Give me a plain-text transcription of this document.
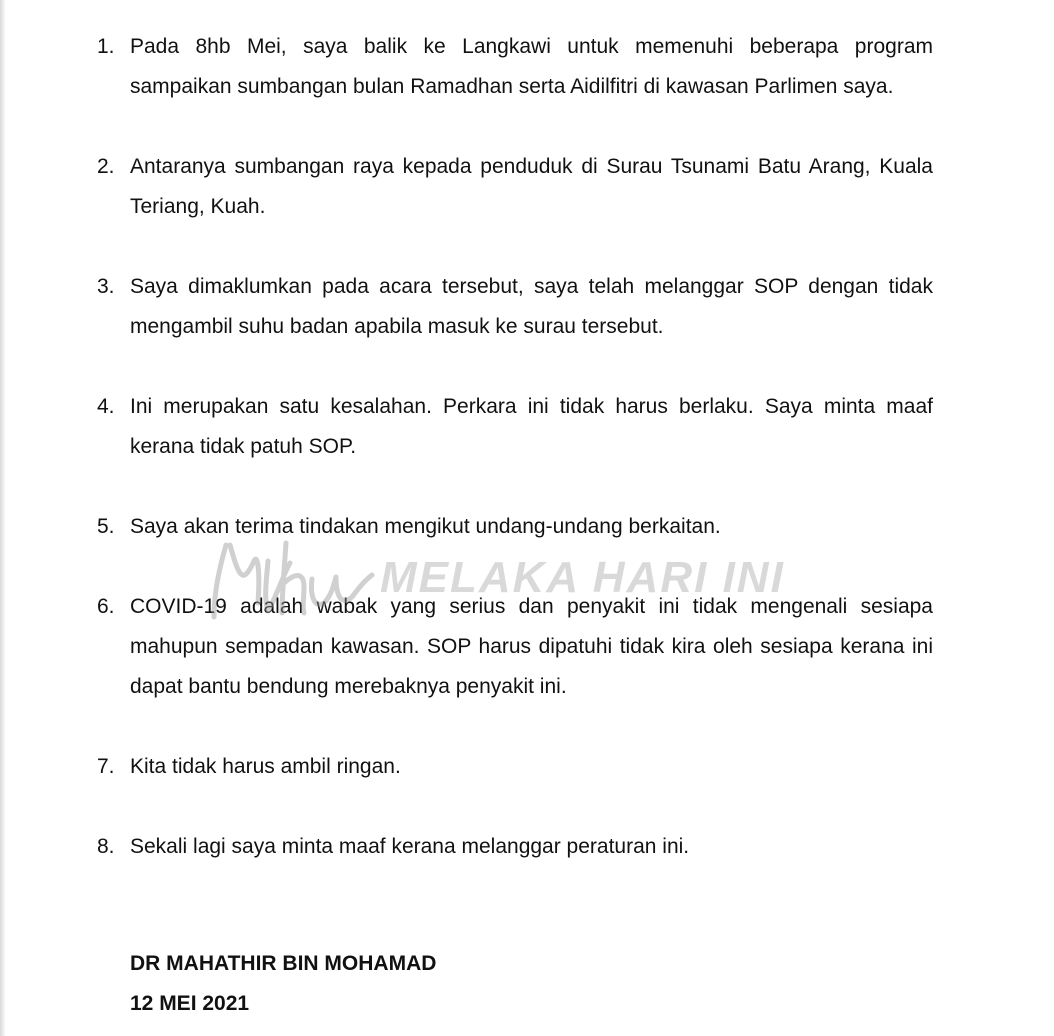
1. Pada 8hb Mei, saya balik ke Langkawi untuk memenuhi beberapa program sampaikan sumbangan bulan Ramadhan serta Aidilfitri di kawasan Parlimen saya.
2. Antaranya sumbangan raya kepada penduduk di Surau Tsunami Batu Arang, Kuala Teriang, Kuah.
3. Saya dimaklumkan pada acara tersebut, saya telah melanggar SOP dengan tidak mengambil suhu badan apabila masuk ke surau tersebut.
4. Ini merupakan satu kesalahan. Perkara ini tidak harus berlaku. Saya minta maaf kerana tidak patuh SOP.
5. Saya akan terima tindakan mengikut undang-undang berkaitan.
6. COVID-19 adalah wabak yang serius dan penyakit ini tidak mengenali sesiapa mahupun sempadan kawasan. SOP harus dipatuhi tidak kira oleh sesiapa kerana ini dapat bantu bendung merebaknya penyakit ini.
7. Kita tidak harus ambil ringan.
8. Sekali lagi saya minta maaf kerana melanggar peraturan ini.
DR MAHATHIR BIN MOHAMAD
12 MEI 2021
MELAKA HARI INI
